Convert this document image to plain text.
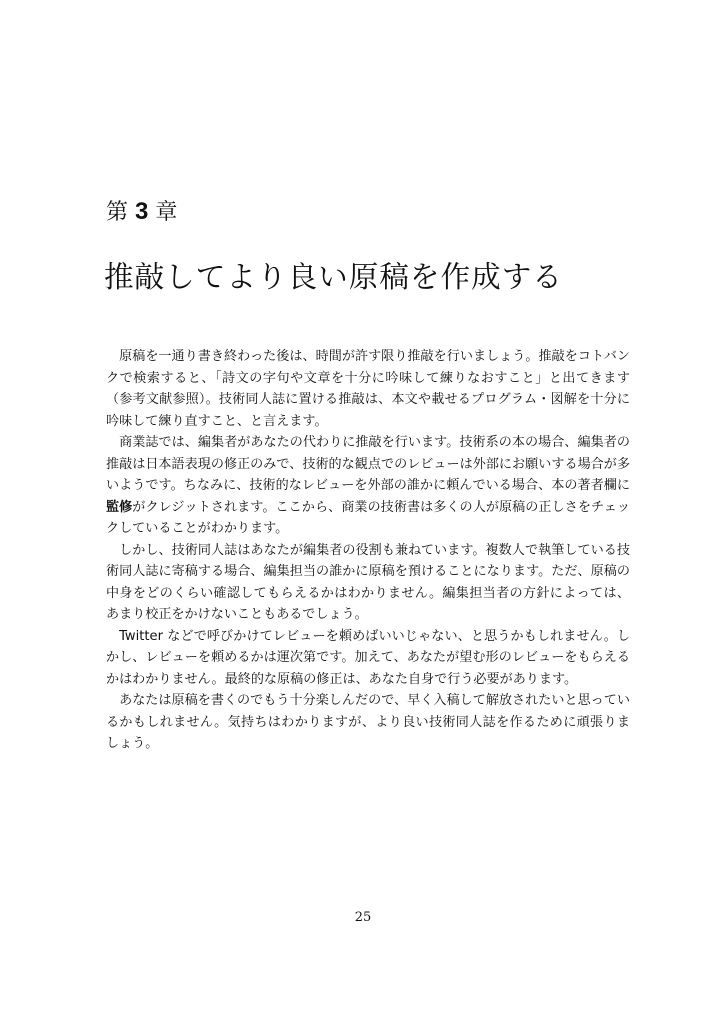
第 3 章
推敲してより良い原稿を作成する

原稿を一通り書き終わった後は、時間が許す限り推敲を行いましょう。推敲をコトバンクで検索すると、「詩文の字句や文章を十分に吟味して練りなおすこと」と出てきます（参考文献参照）。技術同人誌に置ける推敲は、本文や載せるプログラム・図解を十分に吟味して練り直すこと、と言えます。

商業誌では、編集者があなたの代わりに推敲を行います。技術系の本の場合、編集者の推敲は日本語表現の修正のみで、技術的な観点でのレビューは外部にお願いする場合が多いようです。ちなみに、技術的なレビューを外部の誰かに頼んでいる場合、本の著者欄に監修がクレジットされます。ここから、商業の技術書は多くの人が原稿の正しさをチェックしていることがわかります。

しかし、技術同人誌はあなたが編集者の役割も兼ねています。複数人で執筆している技術同人誌に寄稿する場合、編集担当の誰かに原稿を預けることになります。ただ、原稿の中身をどのくらい確認してもらえるかはわかりません。編集担当者の方針によっては、あまり校正をかけないこともあるでしょう。

Twitter などで呼びかけてレビューを頼めばいいじゃない、と思うかもしれません。しかし、レビューを頼めるかは運次第です。加えて、あなたが望む形のレビューをもらえるかはわかりません。最終的な原稿の修正は、あなた自身で行う必要があります。

あなたは原稿を書くのでもう十分楽しんだので、早く入稿して解放されたいと思っているかもしれません。気持ちはわかりますが、より良い技術同人誌を作るために頑張りましょう。

25
